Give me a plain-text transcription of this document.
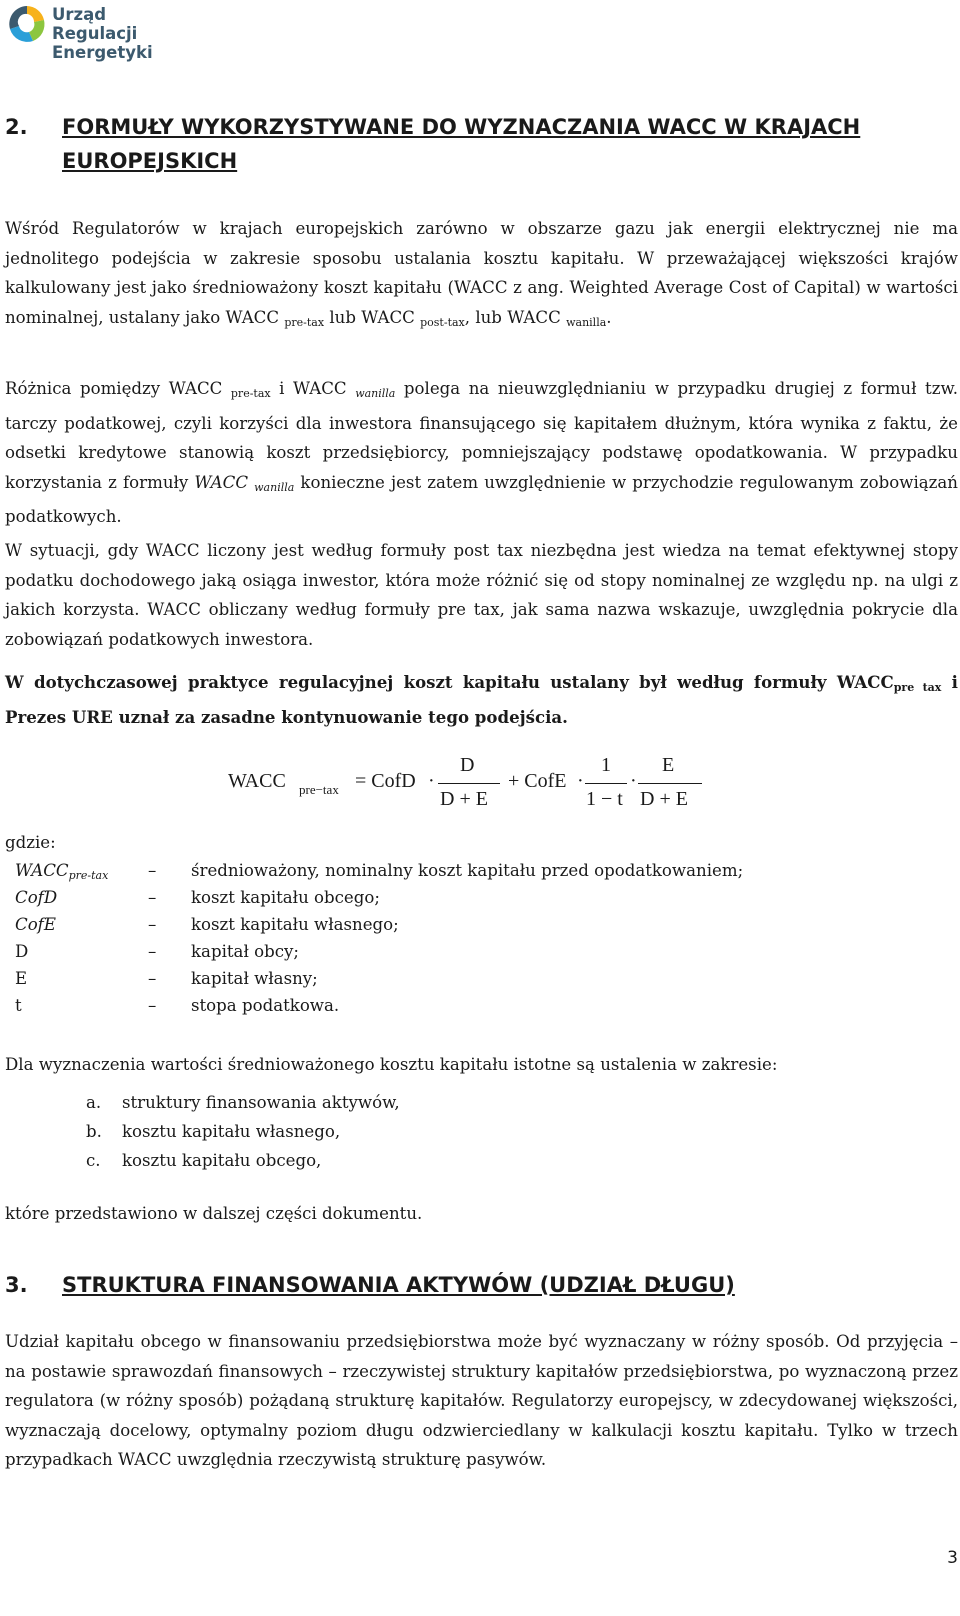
Urząd Regulacji
Energetyki
2. FORMUŁY WYKORZYSTYWANE DO WYZNACZANIA WACC W KRAJACH
EUROPEJSKICH

Wśród Regulatorów w krajach europejskich zarówno w obszarze gazu jak energii elektrycznej nie ma jednolitego podejścia w zakresie sposobu ustalania kosztu kapitału. W przeważającej większości krajów kalkulowany jest jako średnioważony koszt kapitału (WACC z ang. Weighted Average Cost of Capital) w wartości nominalnej, ustalany jako WACC $_{pre-tax}$ lub WACC $_{post-tax}$, lub WACC $_{wanilla}$.

Różnica pomiędzy WACC $_{pre-tax}$ i WACC $_{wanilla}$ polega na nieuwzględnianiu w przypadku drugiej z formuł tzw. tarczy podatkowej, czyli korzyści dla inwestora finansującego się kapitałem dłużnym, która wynika z faktu, że odsetki kredytowe stanowią koszt przedsiębiorcy, pomniejszający podstawę opodatkowania. W przypadku korzystania z formuły WACC $_{wanilla}$ konieczne jest zatem uwzględnienie w przychodzie regulowanym zobowiązań podatkowych.

W sytuacji, gdy WACC liczony jest według formuły post tax niezbędna jest wiedza na temat efektywnej stopy podatku dochodowego jaką osiąga inwestor, która może różnić się od stopy nominalnej ze względu np. na ulgi z jakich korzysta. WACC obliczany według formuły pre tax, jak sama nazwa wskazuje, uwzględnia pokrycie dla zobowiązań podatkowych inwestora.

W dotychczasowej praktyce regulacyjnej koszt kapitału ustalany był według formuły $WACC_{pre tax}$ i Prezes URE uznał za zasadne kontynuowanie tego podejścia.

WACC pre−tax = CofD ·
D
D + E
+ CofE ·
1
1 − t
·
E
D + E
gdzie:
$WACC_{pre-tax}$ – średnioważony, nominalny koszt kapitału przed opodatkowaniem;
CofD	– koszt kapitału obcego;
CofE	– koszt kapitału własnego;
D	– kapitał obcy;
E	– kapitał własny;
t	– stopa podatkowa.

Dla wyznaczenia wartości średnioważonego kosztu kapitału istotne są ustalenia w zakresie:

a. struktury finansowania aktywów,
b. kosztu kapitału własnego,
c. kosztu kapitału obcego,

które przedstawiono w dalszej części dokumentu.

3. STRUKTURA FINANSOWANIA AKTYWÓW (UDZIAŁ DŁUGU)

Udział kapitału obcego w finansowaniu przedsiębiorstwa może być wyznaczany w różny sposób. Od przyjęcia – na postawie sprawozdań finansowych – rzeczywistej struktury kapitałów przedsiębiorstwa, po wyznaczoną przez regulatora (w różny sposób) pożądaną strukturę kapitałów. Regulatorzy europejscy, w zdecydowanej większości, wyznaczają docelowy, optymalny poziom długu odzwierciedlany w kalkulacji kosztu kapitału. Tylko w trzech przypadkach WACC uwzględnia rzeczywistą strukturę pasywów.

3
